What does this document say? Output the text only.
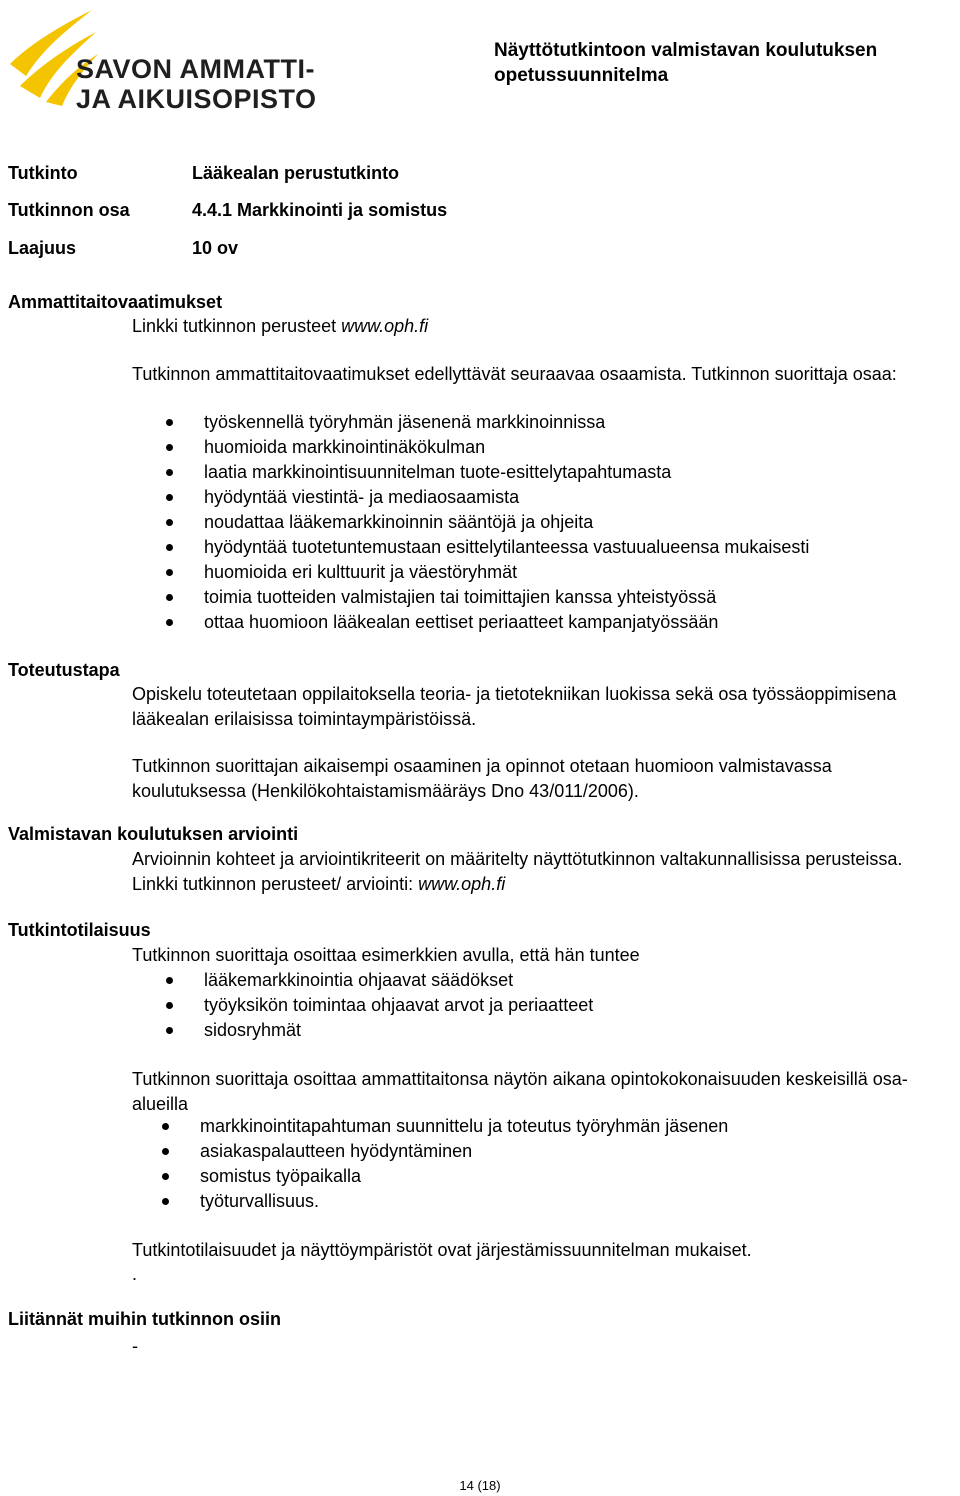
SAVON AMMATTI-
JA AIKUISOPISTO
Näyttötutkintoon valmistavan koulutuksen opetussuunnitelma
Tutkinto	Lääkealan perustutkinto
Tutkinnon osa	4.4.1 Markkinointi ja somistus
Laajuus	10 ov
Ammattitaitovaatimukset
Linkki tutkinnon perusteet www.oph.fi
Tutkinnon ammattitaitovaatimukset edellyttävät seuraavaa osaamista. Tutkinnon suorittaja osaa:
työskennellä työryhmän jäsenenä markkinoinnissa
huomioida markkinointinäkökulman
laatia markkinointisuunnitelman tuote-esittelytapahtumasta
hyödyntää viestintä- ja mediaosaamista
noudattaa lääkemarkkinoinnin sääntöjä ja ohjeita
hyödyntää tuotetuntemustaan esittelytilanteessa vastuualueensa mukaisesti
huomioida eri kulttuurit ja väestöryhmät
toimia tuotteiden valmistajien tai toimittajien kanssa yhteistyössä
ottaa huomioon lääkealan eettiset periaatteet kampanjatyössään
Toteutustapa
Opiskelu toteutetaan oppilaitoksella teoria- ja tietotekniikan luokissa sekä osa työssäoppimisena lääkealan erilaisissa toimintaympäristöissä.
Tutkinnon suorittajan aikaisempi osaaminen ja opinnot otetaan huomioon valmistavassa koulutuksessa (Henkilökohtaistamismääräys Dno 43/011/2006).
Valmistavan koulutuksen arviointi
Arvioinnin kohteet ja arviointikriteerit on määritelty näyttötutkinnon valtakunnallisissa perusteissa. Linkki tutkinnon perusteet/ arviointi: www.oph.fi
Tutkintotilaisuus
Tutkinnon suorittaja osoittaa esimerkkien avulla, että hän tuntee
lääkemarkkinointia ohjaavat säädökset
työyksikön toimintaa ohjaavat arvot ja periaatteet
sidosryhmät
Tutkinnon suorittaja osoittaa ammattitaitonsa näytön aikana opintokokonaisuuden keskeisillä osa-alueilla
markkinointitapahtuman suunnittelu ja toteutus työryhmän jäsenen
asiakaspalautteen hyödyntäminen
somistus työpaikalla
työturvallisuus.
Tutkintotilaisuudet ja näyttöympäristöt ovat järjestämissuunnitelman mukaiset.
.
Liitännät muihin tutkinnon osiin
-
14 (18)
